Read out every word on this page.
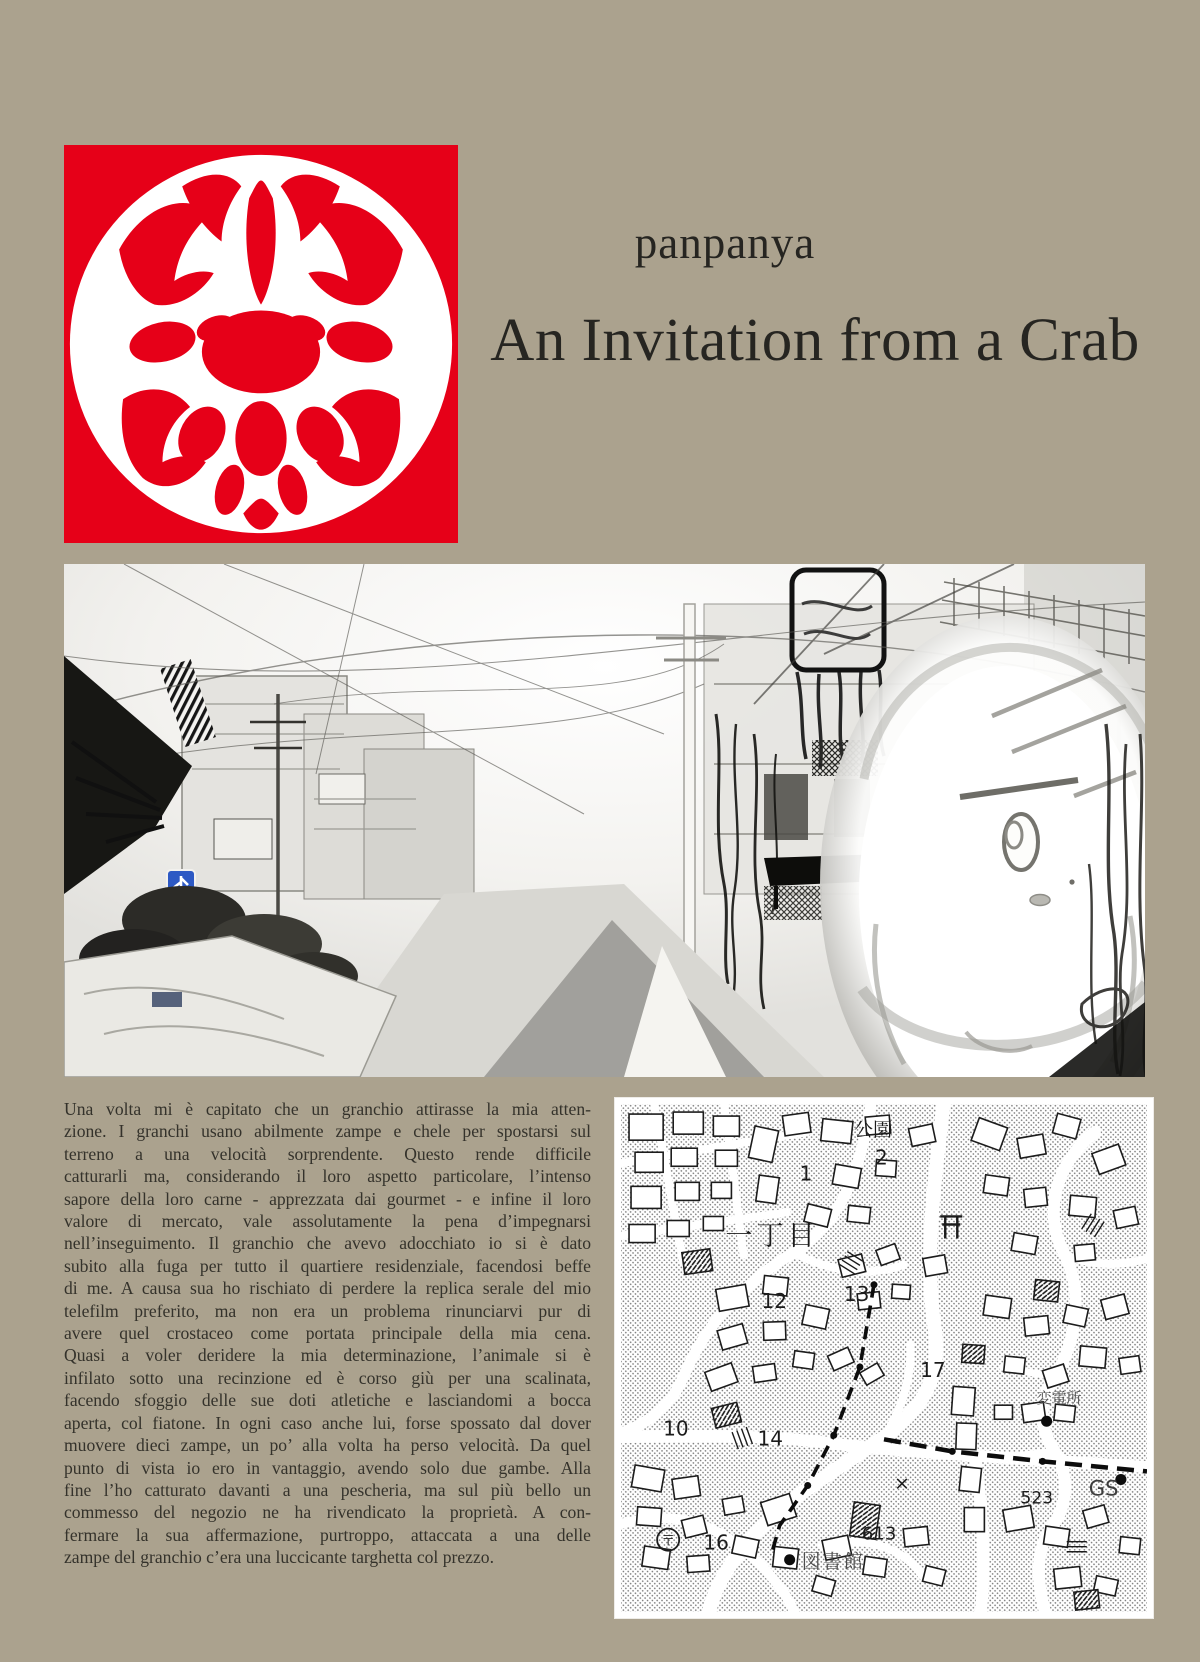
panpanya
An Invitation from a Crab
Una volta mi è capitato che un granchio attirasse la mia atten-
zione. I granchi usano abilmente zampe e chele per spostarsi sul
terreno a una velocità sorprendente. Questo rende difficile
catturarli ma, considerando il loro aspetto particolare, l’intenso
sapore della loro carne - apprezzata dai gourmet - e infine il loro
valore di mercato, vale assolutamente la pena d’impegnarsi
nell’inseguimento. Il granchio che avevo adocchiato io si è dato
subito alla fuga per tutto il quartiere residenziale, facendosi beffe
di me. A causa sua ho rischiato di perdere la replica serale del mio
telefilm preferito, ma non era un problema rinunciarvi pur di
avere quel crostaceo come portata principale della mia cena.
Quasi a voler deridere la mia determinazione, l’animale si è
infilato sotto una recinzione ed è corso giù per una scalinata,
facendo sfoggio delle sue doti atletiche e lasciandomi a bocca
aperta, col fiatone. In ogni caso anche lui, forse spossato dal dover
muovere dieci zampe, un po’ alla volta ha perso velocità. Da quel
punto di vista io ero in vantaggio, avendo solo due gambe. Alla
fine l’ho catturato davanti a una pescheria, ma sul più bello un
commesso del negozio ne ha rivendicato la proprietà. A con-
fermare la sua affermazione, purtroppo, attaccata a una delle
zampe del granchio c’era una luccicante targhetta col prezzo.
〒
公園
2
1
一丁目
12	13
17
10	14
変電所
×	GS
523
613
16
図書館
